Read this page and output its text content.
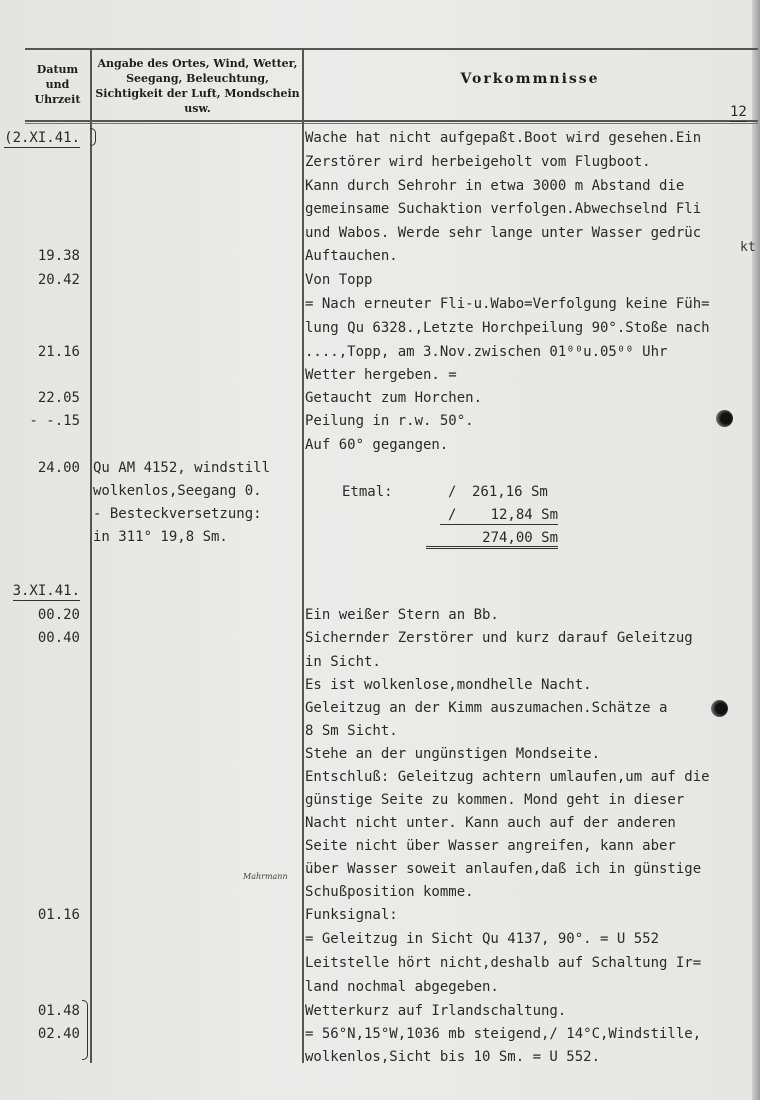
Datum und Uhrzeit
Angabe des Ortes, Wind, Wetter, Seegang, Beleuchtung, Sichtigkeit der Luft, Mondschein usw.
Vorkommnisse
12
(2.XI.41.
19.38
20.42
21.16
22.05
- -.15
24.00
3.XI.41.
00.20
00.40
01.16
01.48
02.40
Qu AM 4152, windstill
wolkenlos,Seegang 0.
- Besteckversetzung:
in 311° 19,8 Sm.
Mahrmann
Wache hat nicht aufgepaßt.Boot wird gesehen.Ein
Zerstörer wird herbeigeholt vom Flugboot.
Kann durch Sehrohr in etwa 3000 m Abstand die
gemeinsame Suchaktion verfolgen.Abwechselnd Fli
und Wabos. Werde sehr lange unter Wasser gedrüc
kt
Auftauchen.
Von Topp
= Nach erneuter Fli-u.Wabo=Verfolgung keine Füh=
lung Qu 6328.,Letzte Horchpeilung 90°.Stoße nach
....,Topp, am 3.Nov.zwischen 01⁰⁰u.05⁰⁰ Uhr
Wetter hergeben. =
Getaucht zum Horchen.
Peilung in r.w. 50°.
Auf 60° gegangen.
Etmal:	/ 261,16 Sm
/	12,84 Sm
274,00 Sm
Ein weißer Stern an Bb.
Sichernder Zerstörer und kurz darauf Geleitzug
in Sicht.
Es ist wolkenlose,mondhelle Nacht.
Geleitzug an der Kimm auszumachen.Schätze a
8 Sm Sicht.
Stehe an der ungünstigen Mondseite.
Entschluß: Geleitzug achtern umlaufen,um auf die
günstige Seite zu kommen. Mond geht in dieser
Nacht nicht unter. Kann auch auf der anderen
Seite nicht über Wasser angreifen, kann aber
über Wasser soweit anlaufen,daß ich in günstige
Schußposition komme.
Funksignal:
= Geleitzug in Sicht Qu 4137, 90°. = U 552
Leitstelle hört nicht,deshalb auf Schaltung Ir=
land nochmal abgegeben.
Wetterkurz auf Irlandschaltung.
= 56°N,15°W,1036 mb steigend,/ 14°C,Windstille,
wolkenlos,Sicht bis 10 Sm. = U 552.
